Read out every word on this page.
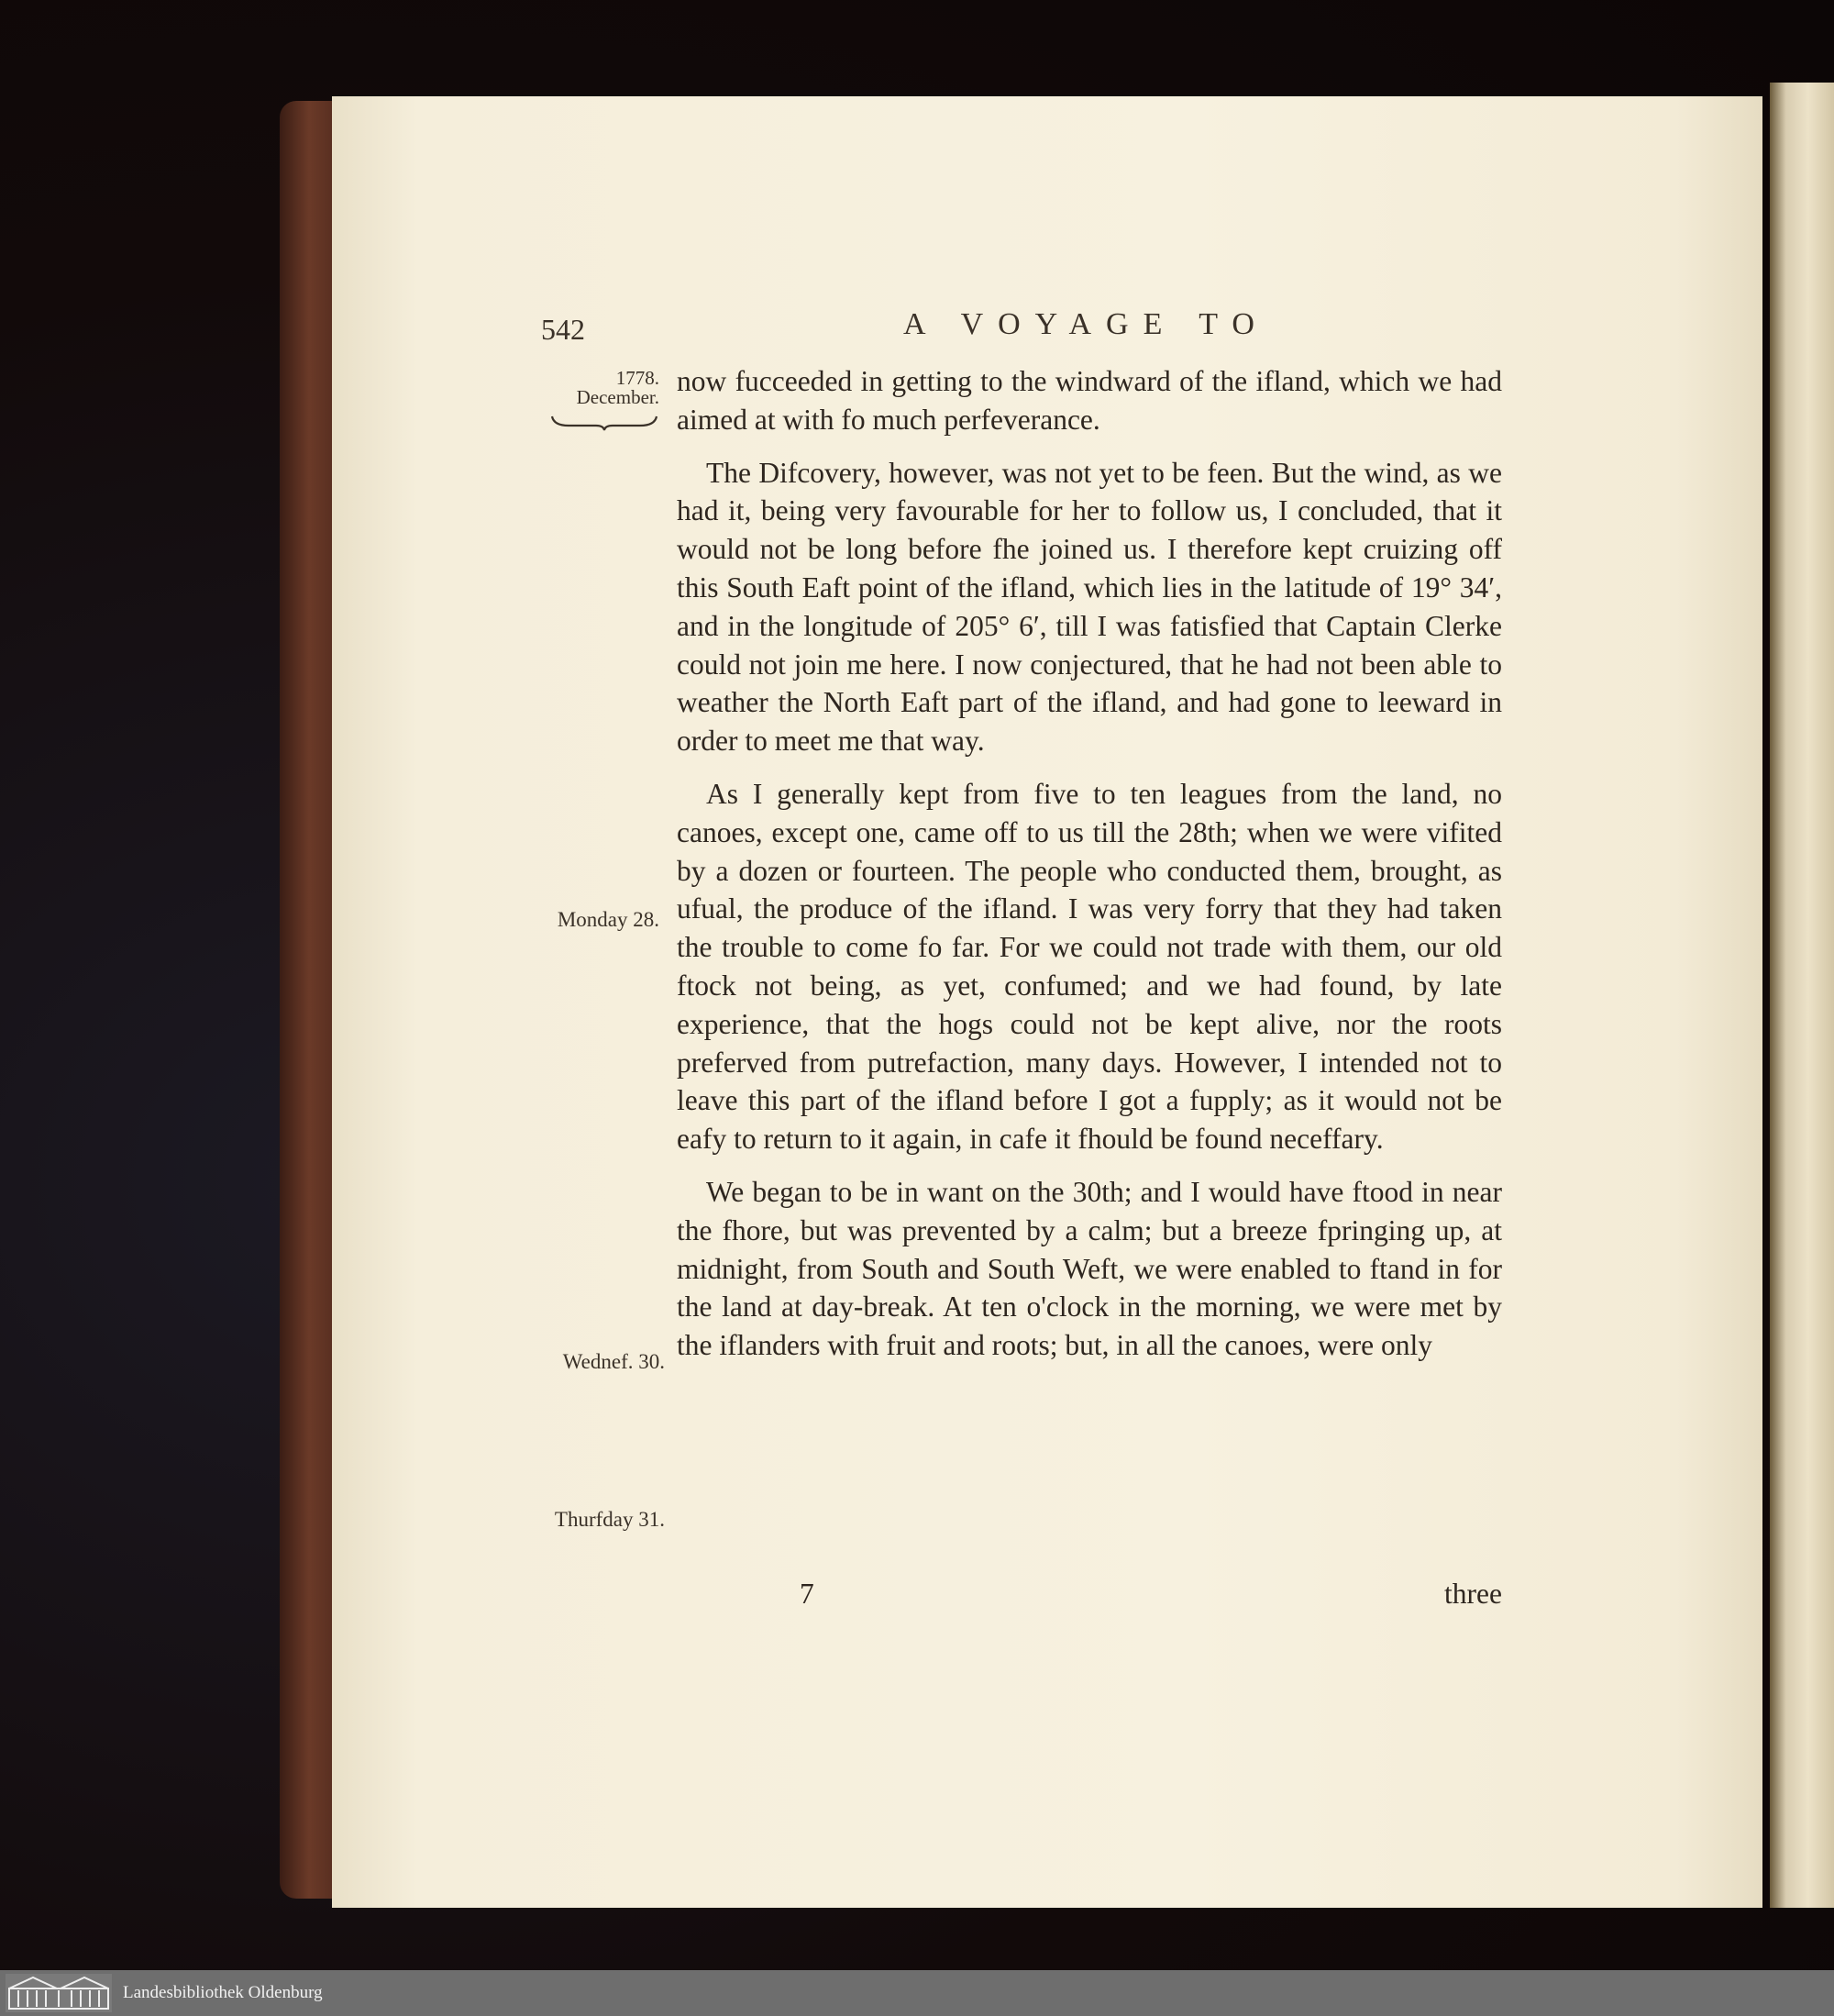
542	A VOYAGE TO
1778.
December.
Monday 28.
Wednef. 30.
Thurfday 31.

now fucceeded in getting to the windward of the ifland, which we had aimed at with fo much perfeverance.

The Difcovery, however, was not yet to be feen. But the wind, as we had it, being very favourable for her to follow us, I concluded, that it would not be long before fhe joined us. I therefore kept cruizing off this South Eaft point of the ifland, which lies in the latitude of 19° 34′, and in the longitude of 205° 6′, till I was fatisfied that Captain Clerke could not join me here. I now conjectured, that he had not been able to weather the North Eaft part of the ifland, and had gone to leeward in order to meet me that way.

As I generally kept from five to ten leagues from the land, no canoes, except one, came off to us till the 28th; when we were vifited by a dozen or fourteen. The people who conducted them, brought, as ufual, the produce of the ifland. I was very forry that they had taken the trouble to come fo far. For we could not trade with them, our old ftock not being, as yet, confumed; and we had found, by late experience, that the hogs could not be kept alive, nor the roots preferved from putrefaction, many days. However, I intended not to leave this part of the ifland before I got a fupply; as it would not be eafy to return to it again, in cafe it fhould be found neceffary.

We began to be in want on the 30th; and I would have ftood in near the fhore, but was prevented by a calm; but a breeze fpringing up, at midnight, from South and South Weft, we were enabled to ftand in for the land at day-break. At ten o'clock in the morning, we were met by the iflanders with fruit and roots; but, in all the canoes, were only

7	three
Landesbibliothek Oldenburg
